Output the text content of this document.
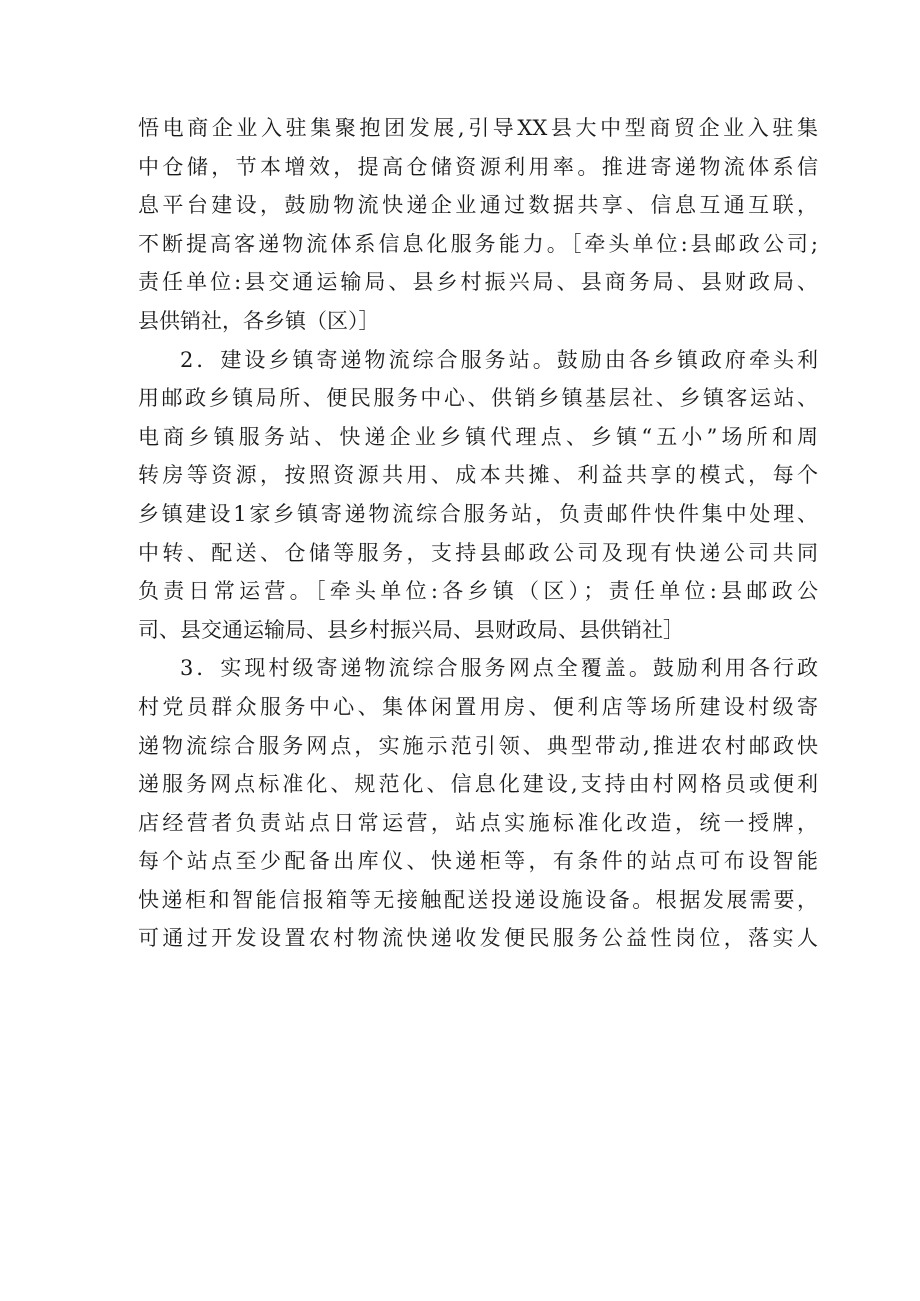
悟电商企业入驻集聚抱团发展,引导XX县大中型商贸企业入驻集
中仓储，节本增效，提高仓储资源利用率。推进寄递物流体系信
息平台建设，鼓励物流快递企业通过数据共享、信息互通互联，
不断提高客递物流体系信息化服务能力。［牵头单位:县邮政公司;
责任单位:县交通运输局、县乡村振兴局、县商务局、县财政局、
县供销社，各乡镇（区）］
2．建设乡镇寄递物流综合服务站。鼓励由各乡镇政府牵头利
用邮政乡镇局所、便民服务中心、供销乡镇基层社、乡镇客运站、
电商乡镇服务站、快递企业乡镇代理点、乡镇“五小”场所和周
转房等资源，按照资源共用、成本共摊、利益共享的模式，每个
乡镇建设1家乡镇寄递物流综合服务站，负责邮件快件集中处理、
中转、配送、仓储等服务，支持县邮政公司及现有快递公司共同
负责日常运营。［牵头单位:各乡镇（区）；责任单位:县邮政公
司、县交通运输局、县乡村振兴局、县财政局、县供销社］
3．实现村级寄递物流综合服务网点全覆盖。鼓励利用各行政
村党员群众服务中心、集体闲置用房、便利店等场所建设村级寄
递物流综合服务网点，实施示范引领、典型带动,推进农村邮政快
递服务网点标准化、规范化、信息化建设,支持由村网格员或便利
店经营者负责站点日常运营，站点实施标准化改造，统一授牌，
每个站点至少配备出库仪、快递柜等，有条件的站点可布设智能
快递柜和智能信报箱等无接触配送投递设施设备。根据发展需要，
可通过开发设置农村物流快递收发便民服务公益性岗位，落实人
